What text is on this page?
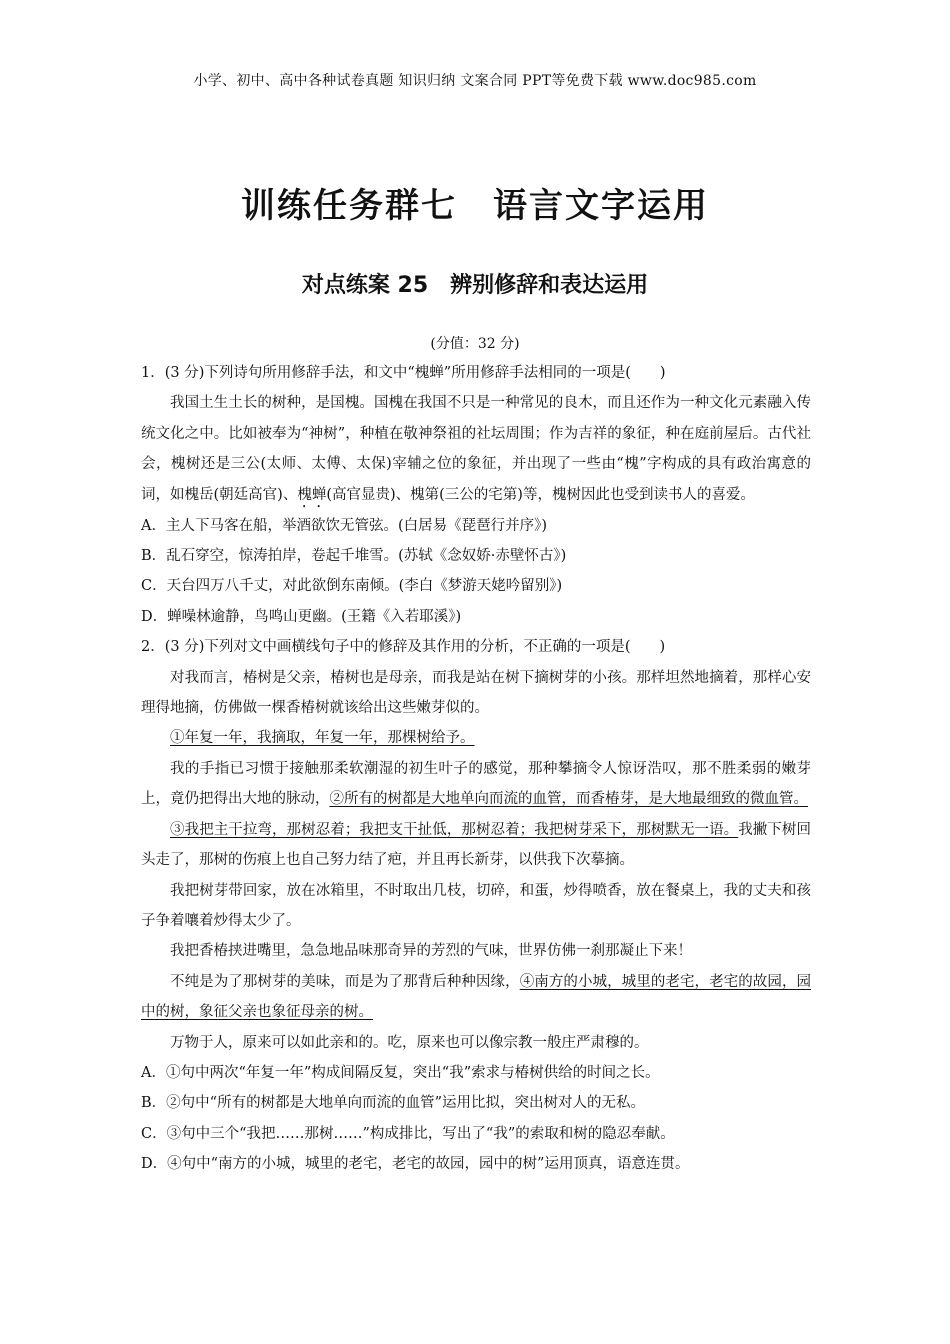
小学、初中、高中各种试卷真题 知识归纳 文案合同 PPT等免费下载 www.doc985.com
训练任务群七　语言文字运用
对点练案 25　辨别修辞和表达运用
(分值：32 分)

1．(3 分)下列诗句所用修辞手法，和文中“槐蝉”所用修辞手法相同的一项是(　　)

我国土生土长的树种，是国槐。国槐在我国不只是一种常见的良木，而且还作为一种文化元素融入传统文化之中。比如被奉为“神树”，种植在敬神祭祖的社坛周围；作为吉祥的象征，种在庭前屋后。古代社会，槐树还是三公(太师、太傅、太保)宰辅之位的象征，并出现了一些由“槐”字构成的具有政治寓意的词，如槐岳(朝廷高官)、槐蝉(高官显贵)、槐第(三公的宅第)等，槐树因此也受到读书人的喜爱。

A．主人下马客在船，举酒欲饮无管弦。(白居易《琵琶行并序》)

B．乱石穿空，惊涛拍岸，卷起千堆雪。(苏轼《念奴娇·赤壁怀古》)

C．天台四万八千丈，对此欲倒东南倾。(李白《梦游天姥吟留别》)

D．蝉噪林逾静，鸟鸣山更幽。(王籍《入若耶溪》)

2．(3 分)下列对文中画横线句子中的修辞及其作用的分析，不正确的一项是(　　)

对我而言，椿树是父亲，椿树也是母亲，而我是站在树下摘树芽的小孩。那样坦然地摘着，那样心安理得地摘，仿佛做一棵香椿树就该给出这些嫩芽似的。

①年复一年，我摘取，年复一年，那棵树给予。

我的手指已习惯于接触那柔软潮湿的初生叶子的感觉，那种攀摘令人惊讶浩叹，那不胜柔弱的嫩芽上，竟仍把得出大地的脉动，②所有的树都是大地单向而流的血管，而香椿芽，是大地最细致的微血管。

③我把主干拉弯，那树忍着；我把支干扯低，那树忍着；我把树芽采下，那树默无一语。我撇下树回头走了，那树的伤痕上也自己努力结了疤，并且再长新芽，以供我下次摹摘。

我把树芽带回家，放在冰箱里，不时取出几枝，切碎，和蛋，炒得喷香，放在餐桌上，我的丈夫和孩子争着嚷着炒得太少了。

我把香椿挟进嘴里，急急地品味那奇异的芳烈的气味，世界仿佛一刹那凝止下来！

不纯是为了那树芽的美味，而是为了那背后种种因缘，④南方的小城，城里的老宅，老宅的故园，园中的树，象征父亲也象征母亲的树。

万物于人，原来可以如此亲和的。吃，原来也可以像宗教一般庄严肃穆的。

A．①句中两次“年复一年”构成间隔反复，突出“我”索求与椿树供给的时间之长。

B．②句中“所有的树都是大地单向而流的血管”运用比拟，突出树对人的无私。

C．③句中三个“我把……那树……”构成排比，写出了“我”的索取和树的隐忍奉献。

D．④句中“南方的小城，城里的老宅，老宅的故园，园中的树”运用顶真，语意连贯。
